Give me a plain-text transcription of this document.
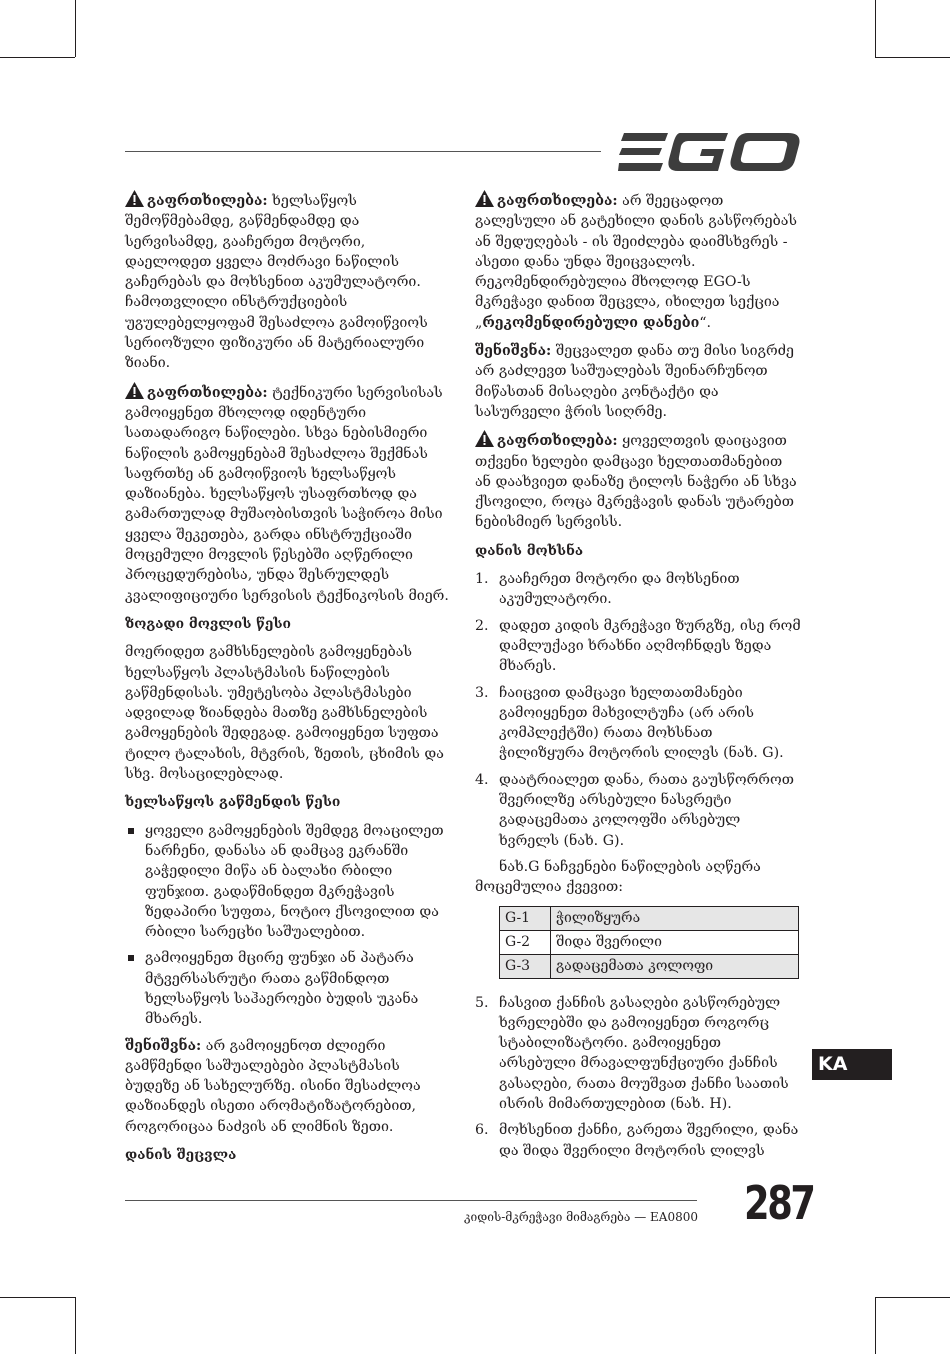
გაფრთხილება: ხელსაწყოს შემოწმებამდე, გაწმენდამდე და სერვისამდე, გააჩერეთ მოტორი, დაელოდეთ ყველა მოძრავი ნაწილის გაჩერებას და მოხსენით აკუმულატორი. ჩამოთვლილი ინსტრუქციების უგულებელყოფამ შესაძლოა გამოიწვიოს სერიოზული ფიზიკური ან მატერიალური ზიანი.

გაფრთხილება: ტექნიკური სერვისისას გამოიყენეთ მხოლოდ იდენტური სათადარიგო ნაწილები. სხვა ნებისმიერი ნაწილის გამოყენებამ შესაძლოა შექმნას საფრთხე ან გამოიწვიოს ხელსაწყოს დაზიანება. ხელსაწყოს უსაფრთხოდ და გამართულად მუშაობისთვის საჭიროა მისი ყველა შეკეთება, გარდა ინსტრუქციაში მოცემული მოვლის წესებში აღწერილი პროცედურებისა, უნდა შესრულდეს კვალიფიციური სერვისის ტექნიკოსის მიერ.

ზოგადი მოვლის წესი

მოერიდეთ გამხსნელების გამოყენებას ხელსაწყოს პლასტმასის ნაწილების გაწმენდისას. უმეტესობა პლასტმასები ადვილად ზიანდება მათზე გამხსნელების გამოყენების შედეგად. გამოიყენეთ სუფთა ტილო ტალახის, მტვრის, ზეთის, ცხიმის და სხვ. მოსაცილებლად.

ხელსაწყოს გაწმენდის წესი

ყოველი გამოყენების შემდეგ მოაცილეთ ნარჩენი, დანასა ან დამცავ ეკრანში გაჭედილი მიწა ან ბალახი რბილი ფუნჯით. გადაწმინდეთ მკრეჭავის ზედაპირი სუფთა, ნოტიო ქსოვილით და რბილი სარეცხი საშუალებით.
გამოიყენეთ მცირე ფუნჯი ან პატარა მტვერსასრუტი რათა გაწმინდოთ ხელსაწყოს საჰაეროები ბუდის უკანა მხარეს.

შენიშვნა: არ გამოიყენოთ ძლიერი გამწმენდი საშუალებები პლასტმასის ბუდეზე ან სახელურზე. ისინი შესაძლოა დაზიანდეს ისეთი არომატიზატორებით, როგორიცაა ნაძვის ან ლიმნის ზეთი.

დანის შეცვლა

გაფრთხილება: არ შეეცადოთ გალესული ან გატეხილი დანის გასწორებას ან შედუღებას - ის შეიძლება დაიმსხვრეს - ასეთი დანა უნდა შეიცვალოს. რეკომენდირებულია მხოლოდ EGO-ს მკრეჭავი დანით შეცვლა, იხილეთ სექცია „რეკომენდირებული დანები“.

შენიშვნა: შეცვალეთ დანა თუ მისი სიგრძე არ გაძლევთ საშუალებას შეინარჩუნოთ მიწასთან მისაღები კონტაქტი და სასურველი ჭრის სიღრმე.

გაფრთხილება: ყოველთვის დაიცავით თქვენი ხელები დამცავი ხელთათმანებით ან დაახვიეთ დანაზე ტილოს ნაჭერი ან სხვა ქსოვილი, როცა მკრეჭავის დანას უტარებთ ნებისმიერ სერვისს.

დანის მოხსნა

1. გააჩერეთ მოტორი და მოხსენით აკუმულატორი.
2. დადეთ კიდის მკრეჭავი ზურგზე, ისე რომ დამლუქავი ხრახნი აღმოჩნდეს ზედა მხარეს.
3. ჩაიცვით დამცავი ხელთათმანები გამოიყენეთ მახვილტუჩა (არ არის კომპლექტში) რათა მოხსნათ ჭილიზყურა მოტორის ლილვს (ნახ. G).
4. დაატრიალეთ დანა, რათა გაუსწორროთ შვერილზე არსებული ნასვრეტი გადაცემათა კოლოფში არსებულ ხვრელს (ნახ. G).

ნახ.G ნაჩვენები ნაწილების აღწერა მოცემულია ქვევით:

G-1	ჭილიზყურა
G-2	შიდა შვერილი
G-3	გადაცემათა კოლოფი
5. ჩასვით ქანჩის გასაღები გასწორებულ ხვრელებში და გამოიყენეთ როგორც სტაბილიზატორი. გამოიყენეთ არსებული მრავალფუნქციური ქანჩის გასაღები, რათა მოუშვათ ქანჩი საათის ისრის მიმართულებით (ნახ. H).
6. მოხსენით ქანჩი, გარეთა შვერილი, დანა და შიდა შვერილი მოტორის ლილვს
KA
კიდის-მკრეჭავი მიმაგრება — EA0800 287
